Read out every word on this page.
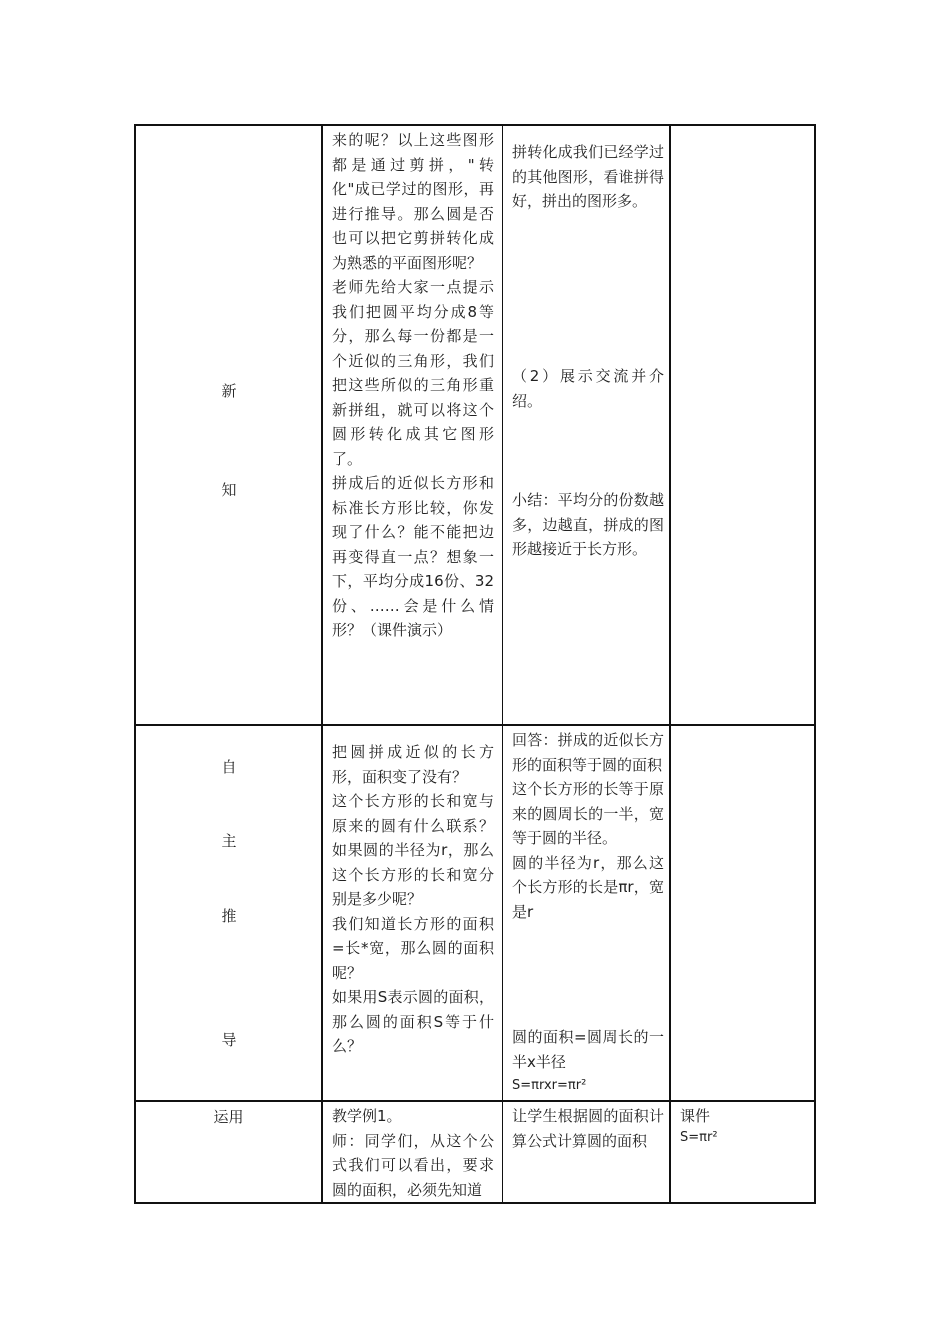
新
知

来的呢？以上这些图形都是通过剪拼，"转化"成已学过的图形，再进行推导。那么圆是否也可以把它剪拼转化成为熟悉的平面图形呢？

老师先给大家一点提示我们把圆平均分成8等分，那么每一份都是一个近似的三角形，我们把这些所似的三角形重新拼组，就可以将这个圆形转化成其它图形了。

拼成后的近似长方形和标准长方形比较，你发现了什么？能不能把边再变得直一点？想象一下，平均分成16份、32份、……会是什么情形？（课件演示）

拼转化成我们已经学过的其他图形，看谁拼得好，拼出的图形多。

（2）展示交流并介绍。

小结：平均分的份数越多，边越直，拼成的图形越接近于长方形。

自
主
推
导

把圆拼成近似的长方形，面积变了没有？

这个长方形的长和宽与原来的圆有什么联系？　如果圆的半径为r，那么这个长方形的长和宽分别是多少呢？

我们知道长方形的面积=长*宽，那么圆的面积呢？

如果用S表示圆的面积，那么圆的面积S等于什么？

回答：拼成的近似长方形的面积等于圆的面积

这个长方形的长等于原来的圆周长的一半，宽等于圆的半径。

圆的半径为r，那么这个长方形的长是πr，宽是r

圆的面积=圆周长的一半x半径

S=πrxr=πr²

运用	教学例1。

师：同学们，从这个公式我们可以看出，要求圆的面积，必须先知道

让学生根据圆的面积计算公式计算圆的面积

课件

S=πr²
